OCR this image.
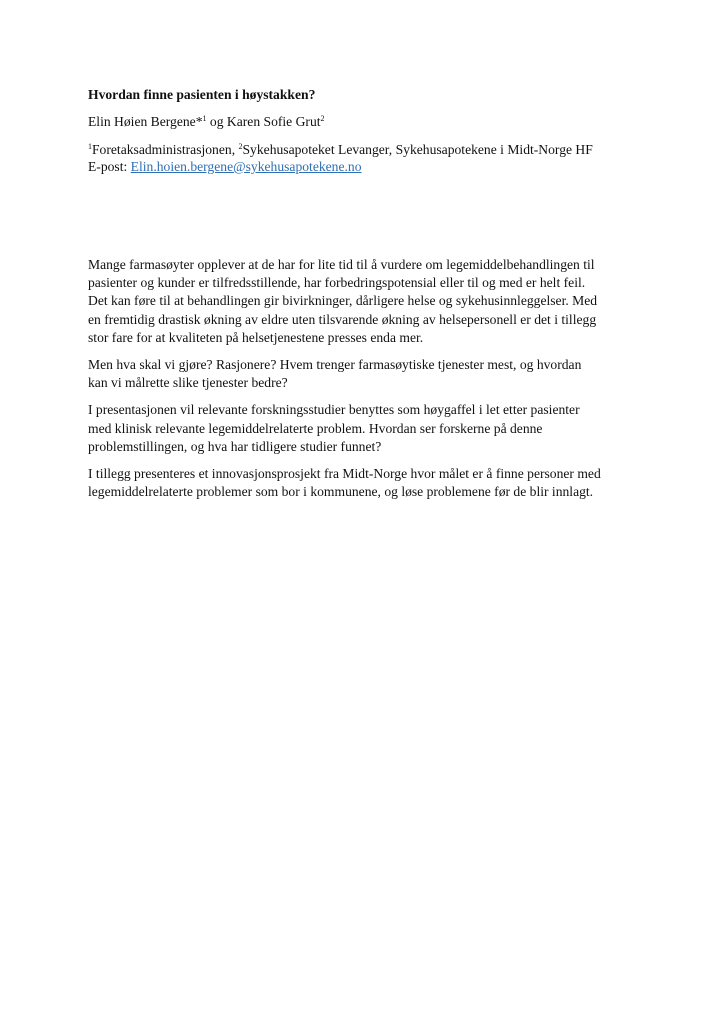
Hvordan finne pasienten i høystakken?

Elin Høien Bergene*$^1$ og Karen Sofie Grut$^2$

$^1$Foretaksadministrasjonen, $^2$Sykehusapoteket Levanger, Sykehusapotekene i Midt-Norge HF

E-post: Elin.hoien.bergene@sykehusapotekene.no

Mange farmasøyter opplever at de har for lite tid til å vurdere om legemiddelbehandlingen til
pasienter og kunder er tilfredsstillende, har forbedringspotensial eller til og med er helt feil.
Det kan føre til at behandlingen gir bivirkninger, dårligere helse og sykehusinnleggelser. Med
en fremtidig drastisk økning av eldre uten tilsvarende økning av helsepersonell er det i tillegg
stor fare for at kvaliteten på helsetjenestene presses enda mer.

Men hva skal vi gjøre? Rasjonere? Hvem trenger farmasøytiske tjenester mest, og hvordan
kan vi målrette slike tjenester bedre?

I presentasjonen vil relevante forskningsstudier benyttes som høygaffel i let etter pasienter
med klinisk relevante legemiddelrelaterte problem. Hvordan ser forskerne på denne
problemstillingen, og hva har tidligere studier funnet?

I tillegg presenteres et innovasjonsprosjekt fra Midt-Norge hvor målet er å finne personer med
legemiddelrelaterte problemer som bor i kommunene, og løse problemene før de blir innlagt.
